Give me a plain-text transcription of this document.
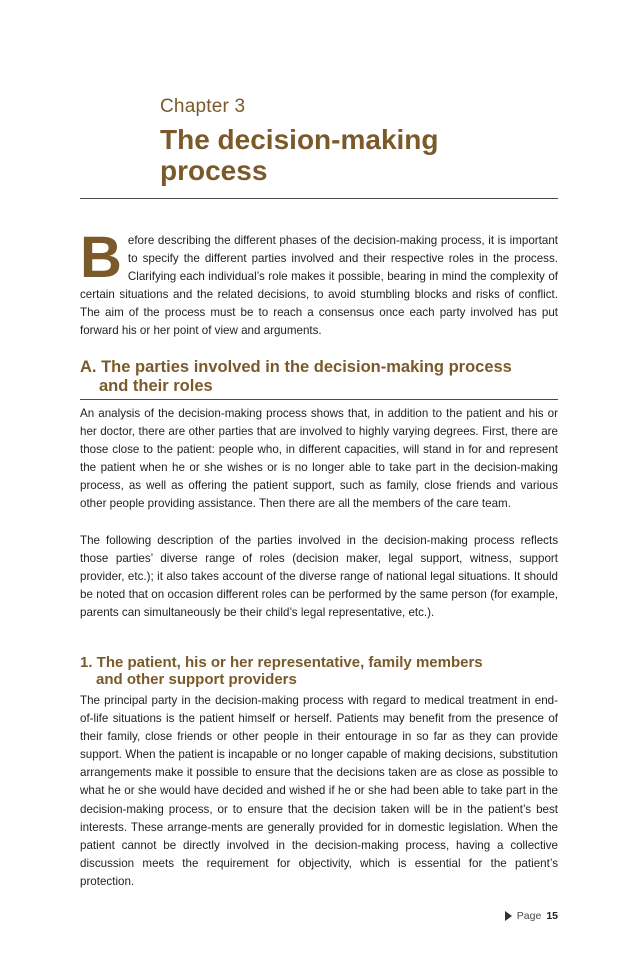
Chapter 3
The decision-making process
Before describing the different phases of the decision-making process, it is important to specify the different parties involved and their respective roles in the process. Clarifying each individual’s role makes it possible, bearing in mind the complexity of certain situations and the related decisions, to avoid stumbling blocks and risks of conflict. The aim of the process must be to reach a consensus once each party involved has put forward his or her point of view and arguments.
A. The parties involved in the decision-making process
and their roles

An analysis of the decision-making process shows that, in addition to the patient and his or her doctor, there are other parties that are involved to highly varying degrees. First, there are those close to the patient: people who, in different capacities, will stand in for and represent the patient when he or she wishes or is no longer able to take part in the decision-making process, as well as offering the patient support, such as family, close friends and various other people providing assistance. Then there are all the members of the care team.

The following description of the parties involved in the decision-making process reflects those parties’ diverse range of roles (decision maker, legal support, witness, support provider, etc.); it also takes account of the diverse range of national legal situations. It should be noted that on occasion different roles can be performed by the same person (for example, parents can simultaneously be their child’s legal representative, etc.).

1. The patient, his or her representative, family members
and other support providers

The principal party in the decision-making process with regard to medical treatment in end-of-life situations is the patient himself or herself. Patients may benefit from the presence of their family, close friends or other people in their entourage in so far as they can provide support. When the patient is incapable or no longer capable of making decisions, substitution arrangements make it possible to ensure that the decisions taken are as close as possible to what he or she would have decided and wished if he or she had been able to take part in the decision-making process, or to ensure that the decision taken will be in the patient’s best interests. These arrange-ments are generally provided for in domestic legislation. When the patient cannot be directly involved in the decision-making process, having a collective discussion meets the requirement for objectivity, which is essential for the patient’s protection.

Page 15
